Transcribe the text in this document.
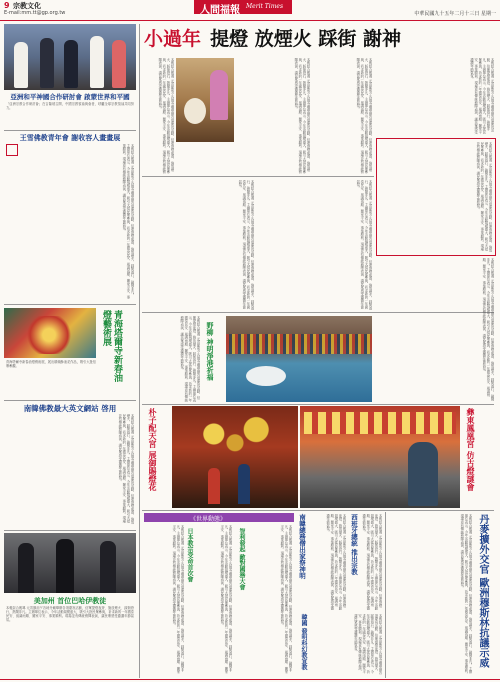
9 宗教文化
E-mail:mm.tt@gp.org.tw	人間福報 Merit Times
中華民國九十五年二月十三日 星期一
亞洲和平神國合作研討會 啟蒙世界和平國
「亞洲宗教合作研討會」在吉隆坡召開，中國宗教領袖與會者，呼籲全球宗教領袖共同努力。
王雪佛教青年會 謝收容人畫畫展
本報綜合報導 元宵節前夕各地寺廟舉辦各項慶祝活動，信眾提燈夜遊、施放煙火、踩街遊行，熱鬧非凡。主辦單位表示，今年活動規模盛大，吸引大批民眾參與，祈求新的一年國泰民安、風調雨順、闔家平安、事業順利。現場並有傳統藝陣表演，讓民眾感受濃濃年節氣氛。
青海塔爾寺新春油燈藝術展
青海塔爾寺新春油燈藝術展，展出精緻酥油花作品，吸引大批信眾參觀。
南韓佛教最大英文網站 啓用
本報綜合報導 元宵節前夕各地寺廟舉辦各項慶祝活動，信眾提燈夜遊、施放煙火、踩街遊行，熱鬧非凡。主辦單位表示，今年活動規模盛大，吸引大批民眾參與，祈求新的一年國泰民安、風調雨順、闔家平安、事業順利。現場並有傳統藝陣表演，讓民眾感受濃濃年節氣氛。
美加州 首位巴哈伊教徒
本報綜合報導 元宵節前夕各地寺廟舉辦各項慶祝活動，信眾提燈夜遊、施放煙火、踩街遊行，熱鬧非凡。主辦單位表示，今年活動規模盛大，吸引大批民眾參與，祈求新的一年國泰民安、風調雨順、闔家平安、事業順利。現場並有傳統藝陣表演，讓民眾感受濃濃年節氣氛。
小過年 提燈 放煙火 踩街 謝神
本報綜合報導 元宵節前夕各地寺廟舉辦各項慶祝活動，信眾提燈夜遊、施放煙火、踩街遊行，熱鬧非凡。主辦單位表示，今年活動規模盛大，吸引大批民眾參與，祈求新的一年國泰民安、風調雨順、闔家平安、事業順利。現場並有傳統藝陣表演，讓民眾感受濃濃年節氣氛。	本報綜合報導 元宵節前夕各地寺廟舉辦各項慶祝活動，信眾提燈夜遊、施放煙火、踩街遊行，熱鬧非凡。主辦單位表示，今年活動規模盛大，吸引大批民眾參與，祈求新的一年國泰民安、風調雨順、闔家平安、事業順利。現場並有傳統藝陣表演，讓民眾感受濃濃年節氣氛。	本報綜合報導 元宵節前夕各地寺廟舉辦各項慶祝活動，信眾提燈夜遊、施放煙火、踩街遊行，熱鬧非凡。主辦單位表示，今年活動規模盛大，吸引大批民眾參與，祈求新的一年國泰民安、風調雨順、闔家平安、事業順利。現場並有傳統藝陣表演，讓民眾感受濃濃年節氣氛。	本報綜合報導 元宵節前夕各地寺廟舉辦各項慶祝活動，信眾提燈夜遊、施放煙火、踩街遊行，熱鬧非凡。主辦單位表示，今年活動規模盛大，吸引大批民眾參與，祈求新的一年國泰民安、風調雨順、闔家平安、事業順利。現場並有傳統藝陣表演，讓民眾感受濃濃年節氣氛。
本報綜合報導 元宵節前夕各地寺廟舉辦各項慶祝活動，信眾提燈夜遊、施放煙火、踩街遊行，熱鬧非凡。主辦單位表示，今年活動規模盛大，吸引大批民眾參與，祈求新的一年國泰民安、風調雨順、闔家平安、事業順利。現場並有傳統藝陣表演，讓民眾感受濃濃年節氣氛。
本報綜合報導 元宵節前夕各地寺廟舉辦各項慶祝活動，信眾提燈夜遊、施放煙火、踩街遊行，熱鬧非凡。主辦單位表示，今年活動規模盛大，吸引大批民眾參與，祈求新的一年國泰民安、風調雨順、闔家平安、事業順利。現場並有傳統藝陣表演，讓民眾感受濃濃年節氣氛。	本報綜合報導 元宵節前夕各地寺廟舉辦各項慶祝活動，信眾提燈夜遊、施放煙火、踩街遊行，熱鬧非凡。主辦單位表示，今年活動規模盛大，吸引大批民眾參與，祈求新的一年國泰民安、風調雨順、闔家平安、事業順利。現場並有傳統藝陣表演，讓民眾感受濃濃年節氣氛。
本報綜合報導 元宵節前夕各地寺廟舉辦各項慶祝活動，信眾提燈夜遊、施放煙火、踩街遊行，熱鬧非凡。主辦單位表示，今年活動規模盛大，吸引大批民眾參與，祈求新的一年國泰民安、風調雨順、闔家平安、事業順利。現場並有傳統藝陣表演，讓民眾感受濃濃年節氣氛。	野柳 神明淨港祈福	本報綜合報導 元宵節前夕各地寺廟舉辦各項慶祝活動，信眾提燈夜遊、施放煙火、踩街遊行，熱鬧非凡。主辦單位表示，今年活動規模盛大，吸引大批民眾參與，祈求新的一年國泰民安、風調雨順、闔家平安、事業順利。現場並有傳統藝陣表演，讓民眾感受濃濃年節氣氛。
朴子配天宮 展御賜燈花	彝東鳳凰宮 仿古燈謎會
《世界動態》
本報綜合報導 元宵節前夕各地寺廟舉辦各項慶祝活動，信眾提燈夜遊、施放煙火、踩街遊行，熱鬧非凡。主辦單位表示，今年活動規模盛大，吸引大批民眾參與，祈求新的一年國泰民安、風調雨順、闔家平安、事業順利。現場並有傳統藝陣表演，讓民眾感受濃濃年節氣氛。	日本教宗受命首次會	本報綜合報導 元宵節前夕各地寺廟舉辦各項慶祝活動，信眾提燈夜遊、施放煙火、踩街遊行，熱鬧非凡。主辦單位表示，今年活動規模盛大，吸引大批民眾參與，祈求新的一年國泰民安、風調雨順、闔家平安、事業順利。現場並有傳統藝陣表演，讓民眾感受濃濃年節氣氛。	智利發起 敵對國務大會	本報綜合報導 元宵節前夕各地寺廟舉辦各項慶祝活動，信眾提燈夜遊、施放煙火、踩街遊行，熱鬧非凡。主辦單位表示，今年活動規模盛大，吸引大批民眾參與，祈求新的一年國泰民安、風調雨順、闔家平安、事業順利。現場並有傳統藝陣表演，讓民眾感受濃濃年節氣氛。	南韓總務僧出家祭神明	本報綜合報導 元宵節前夕各地寺廟舉辦各項慶祝活動，信眾提燈夜遊、施放煙火、踩街遊行，熱鬧非凡。主辦單位表示，今年活動規模盛大，吸引大批民眾參與，祈求新的一年國泰民安、風調雨順、闔家平安、事業順利。現場並有傳統藝陣表演，讓民眾感受濃濃年節氣氛。	西班牙總統 推出宗教	本報綜合報導 元宵節前夕各地寺廟舉辦各項慶祝活動，信眾提燈夜遊、施放煙火、踩街遊行，熱鬧非凡。主辦單位表示，今年活動規模盛大，吸引大批民眾參與，祈求新的一年國泰民安、風調雨順、闔家平安、事業順利。現場並有傳統藝陣表演，讓民眾感受濃濃年節氣氛。
韓國 發明科幻教宣教	本報綜合報導 元宵節前夕各地寺廟舉辦各項慶祝活動，信眾提燈夜遊、施放煙火、踩街遊行，熱鬧非凡。主辦單位表示，今年活動規模盛大，吸引大批民眾參與，祈求新的一年國泰民安、風調雨順、闔家平安、事業順利。現場並有傳統藝陣表演，讓民眾感受濃濃年節氣氛。	本報綜合報導 元宵節前夕各地寺廟舉辦各項慶祝活動，信眾提燈夜遊、施放煙火、踩街遊行，熱鬧非凡。主辦單位表示，今年活動規模盛大，吸引大批民眾參與，祈求新的一年國泰民安、風調雨順、闔家平安、事業順利。現場並有傳統藝陣表演，讓民眾感受濃濃年節氣氛。	丹麥擴外交官 歐洲穆斯林抗議示威
